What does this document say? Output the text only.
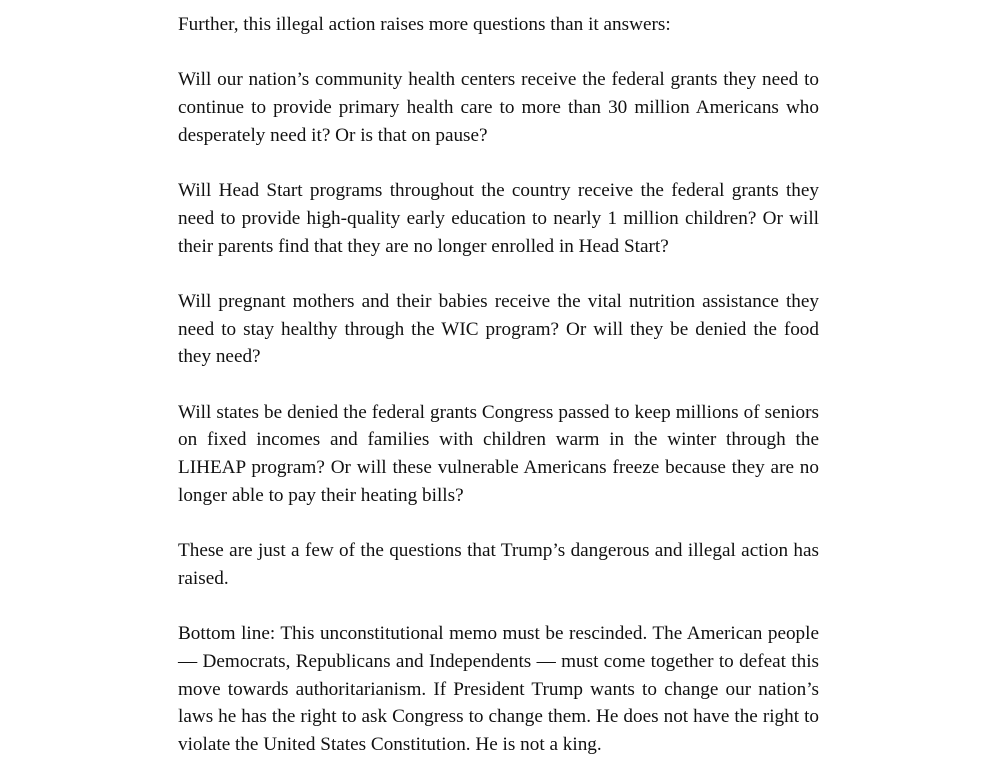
Further, this illegal action raises more questions than it answers:

Will our nation’s community health centers receive the federal grants they need to continue to provide primary health care to more than 30 million Americans who desperately need it? Or is that on pause?

Will Head Start programs throughout the country receive the federal grants they need to provide high-quality early education to nearly 1 million children? Or will their parents find that they are no longer enrolled in Head Start?

Will pregnant mothers and their babies receive the vital nutrition assistance they need to stay healthy through the WIC program? Or will they be denied the food they need?

Will states be denied the federal grants Congress passed to keep millions of seniors on fixed incomes and families with children warm in the winter through the LIHEAP program? Or will these vulnerable Americans freeze because they are no longer able to pay their heating bills?

These are just a few of the questions that Trump’s dangerous and illegal action has raised.

Bottom line: This unconstitutional memo must be rescinded. The American people — Democrats, Republicans and Independents — must come together to defeat this move towards authoritarianism. If President Trump wants to change our nation’s laws he has the right to ask Congress to change them. He does not have the right to violate the United States Constitution. He is not a king.
